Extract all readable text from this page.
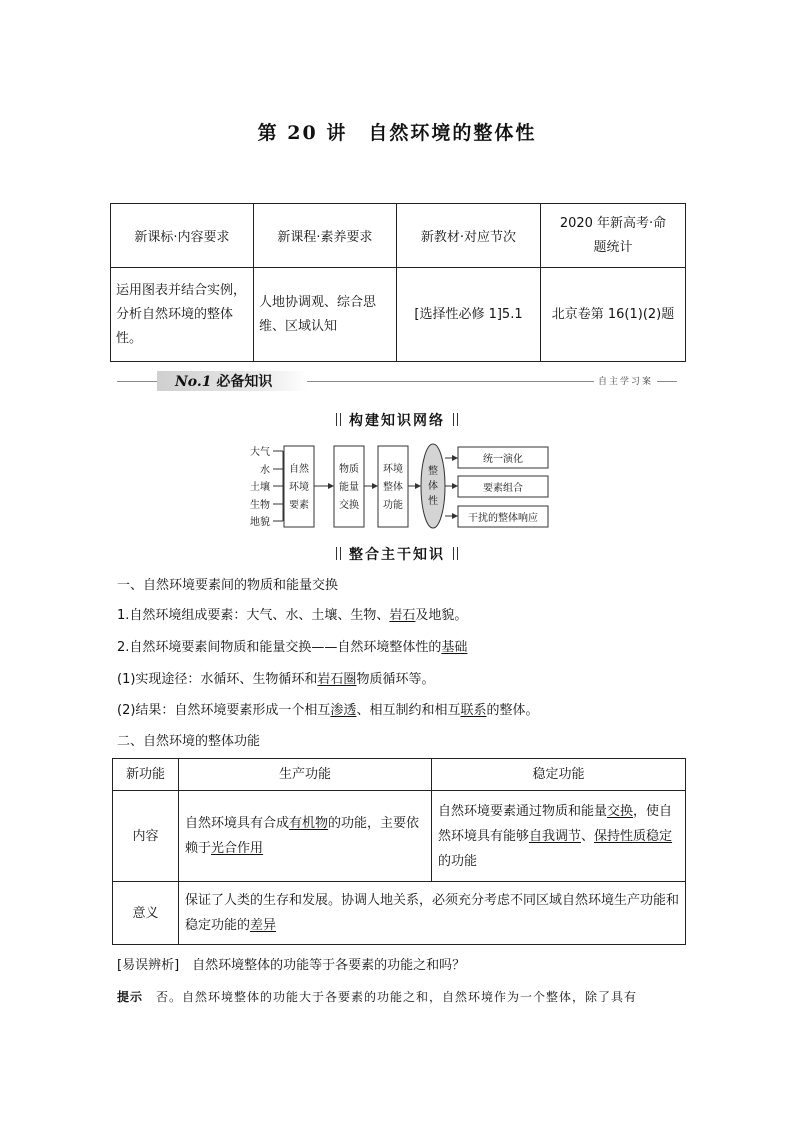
第 20 讲　自然环境的整体性
新课标·内容要求	新课程·素养要求	新教材·对应节次	2020 年新高考·命题统计
运用图表并结合实例，分析自然环境的整体性。	人地协调观、综合思维、区域认知	[选择性必修 1]5.1	北京卷第 16(1)(2)题
No.1 必备知识	自主学习案
构建知识网络
大气
水
土壤
生物
地貌
自然
环境
要素
物质
能量
交换
环境
整体
功能
整
体
性
统一演化
要素组合
干扰的整体响应
整合主干知识
一、自然环境要素间的物质和能量交换
1.自然环境组成要素：大气、水、土壤、生物、岩石及地貌。
2.自然环境要素间物质和能量交换——自然环境整体性的基础
(1)实现途径：水循环、生物循环和岩石圈物质循环等。
(2)结果：自然环境要素形成一个相互渗透、相互制约和相互联系的整体。
二、自然环境的整体功能
新功能	生产功能	稳定功能
内容	自然环境具有合成有机物的功能，主要依赖于光合作用	自然环境要素通过物质和能量交换，使自然环境具有能够自我调节、保持性质稳定的功能
意义	保证了人类的生存和发展。协调人地关系，必须充分考虑不同区域自然环境生产功能和稳定功能的差异	
[易误辨析]　 自然环境整体的功能等于各要素的功能之和吗？
提示　 否。自然环境整体的功能大于各要素的功能之和，自然环境作为一个整体，除了具有
